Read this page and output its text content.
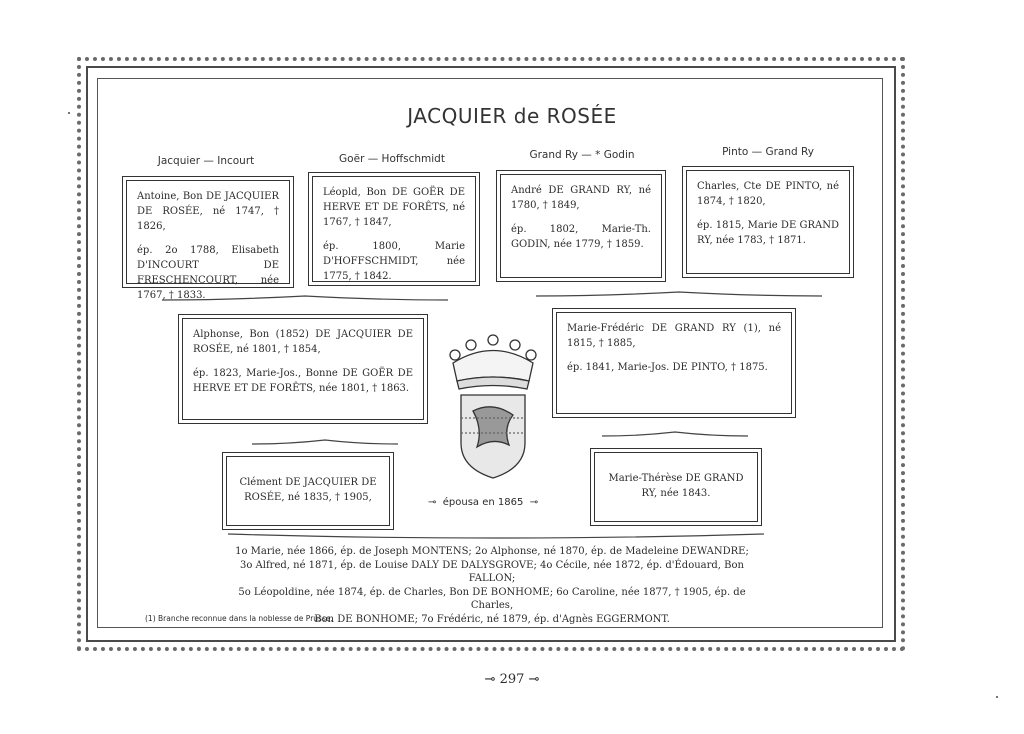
JACQUIER de ROSÉE
Jacquier — Incourt	Goër — Hoffschmidt	Grand Ry — * Godin	Pinto — Grand Ry

Antoine, Bon DE JACQUIER DE ROSÉE, né 1747, † 1826,

ép. 2o 1788, Elisabeth D'INCOURT DE FRESCHENCOURT, née 1767, † 1833.

Léopld, Bon DE GOËR DE HERVE ET DE FORÊTS, né 1767, † 1847,

ép. 1800, Marie D'HOFFSCHMIDT, née 1775, † 1842.

André DE GRAND RY, né 1780, † 1849,

ép. 1802, Marie-Th. GODIN, née 1779, † 1859.

Charles, Cte DE PINTO, né 1874, † 1820,

ép. 1815, Marie DE GRAND RY, née 1783, † 1871.

Alphonse, Bon (1852) DE JACQUIER DE ROSÉE, né 1801, † 1854,

ép. 1823, Marie-Jos., Bonne DE GOËR DE HERVE ET DE FORÊTS, née 1801, † 1863.

Marie-Frédéric DE GRAND RY (1), né 1815, † 1885,

ép. 1841, Marie-Jos. DE PINTO, † 1875.

Clément DE JACQUIER DE ROSÉE, né 1835, † 1905,

Marie-Thérèse DE GRAND RY, née 1843.

⊸  épousa en 1865  ⊸

1o Marie, née 1866, ép. de Joseph MONTENS; 2o Alphonse, né 1870, ép. de Madeleine DEWANDRE;

3o Alfred, né 1871, ép. de Louise DALY DE DALYSGROVE; 4o Cécile, née 1872, ép. d'Édouard, Bon FALLON;

5o Léopoldine, née 1874, ép. de Charles, Bon DE BONHOME; 6o Caroline, née 1877, † 1905, ép. de Charles,

Bon DE BONHOME; 7o Frédéric, né 1879, ép. d'Agnès EGGERMONT.

(1) Branche reconnue dans la noblesse de Prusse.
⊸ 297 ⊸
